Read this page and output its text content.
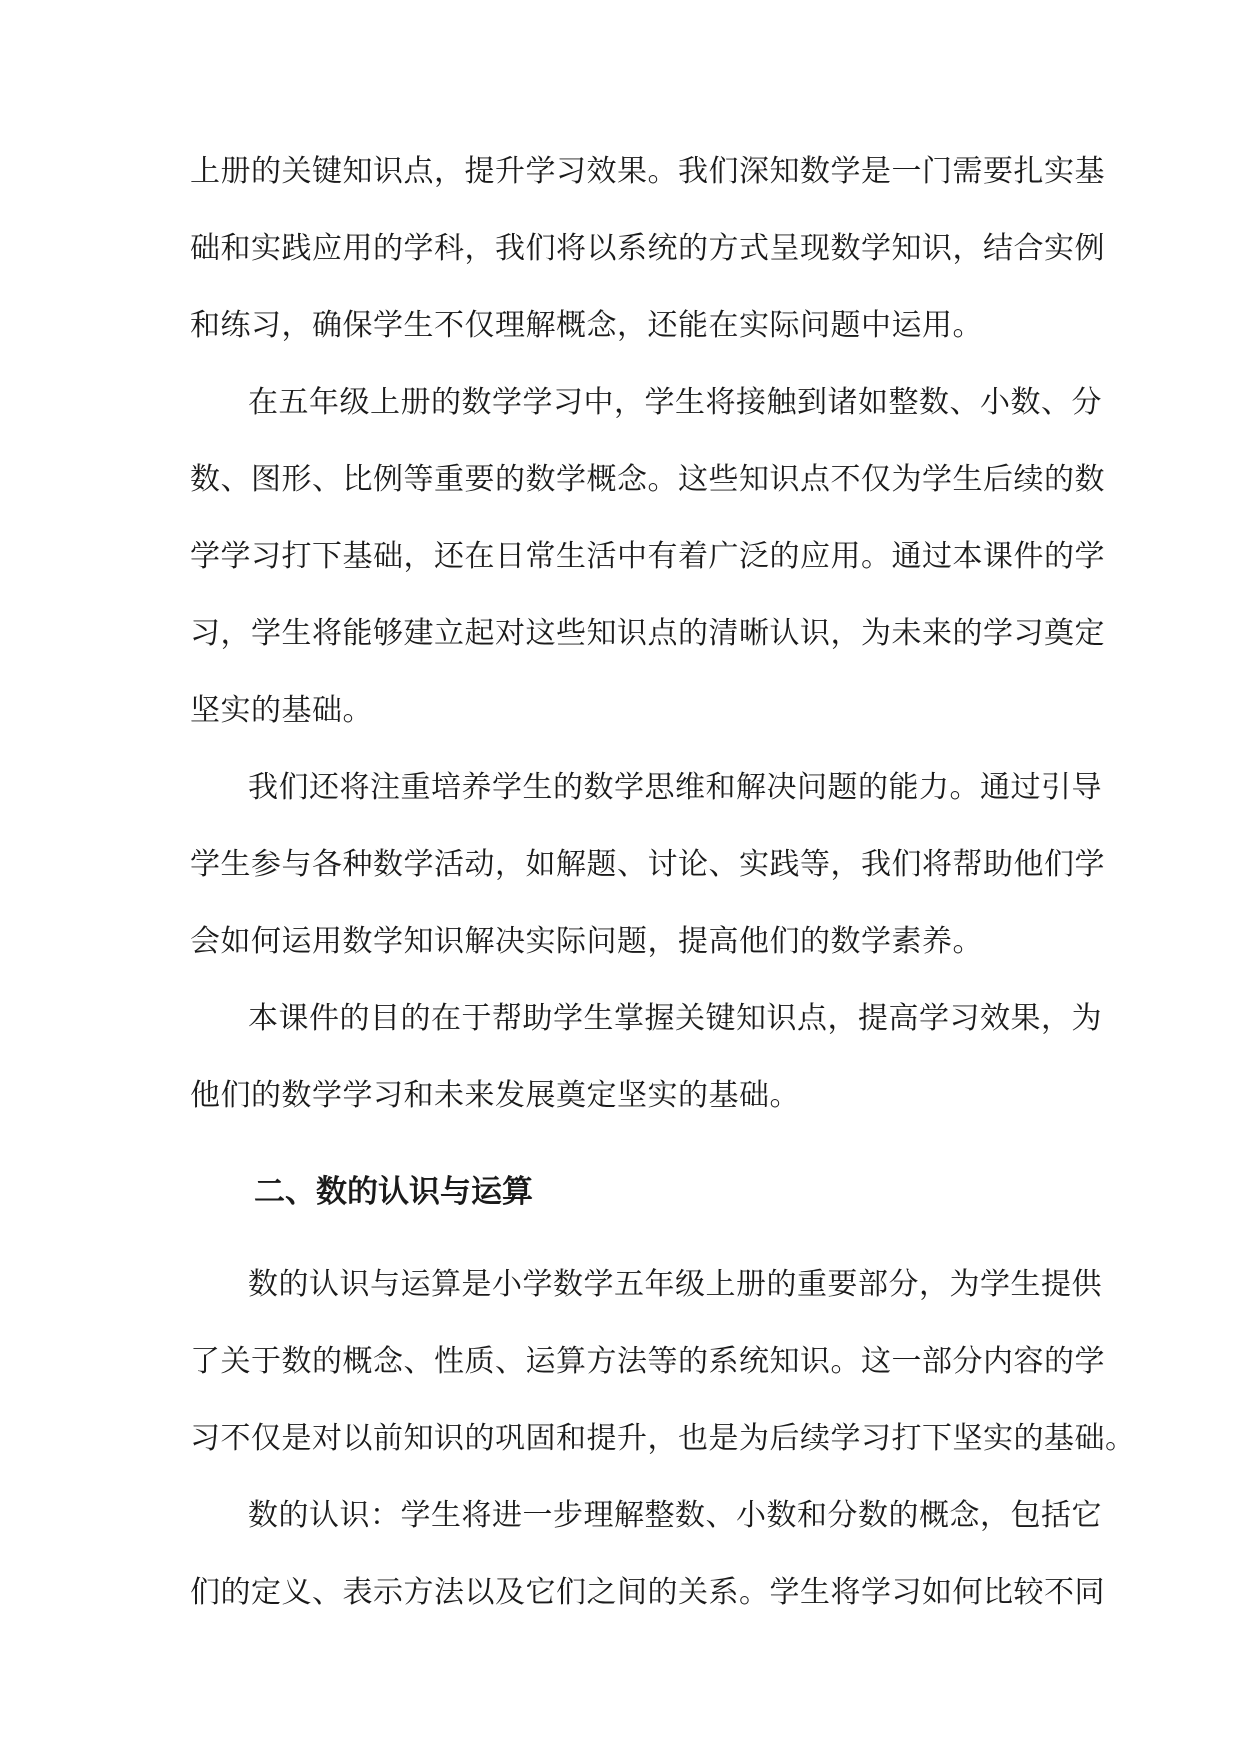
上册的关键知识点，提升学习效果。我们深知数学是一门需要扎实基
础和实践应用的学科，我们将以系统的方式呈现数学知识，结合实例
和练习，确保学生不仅理解概念，还能在实际问题中运用。
在五年级上册的数学学习中，学生将接触到诸如整数、小数、分
数、图形、比例等重要的数学概念。这些知识点不仅为学生后续的数
学学习打下基础，还在日常生活中有着广泛的应用。通过本课件的学
习，学生将能够建立起对这些知识点的清晰认识，为未来的学习奠定
坚实的基础。
我们还将注重培养学生的数学思维和解决问题的能力。通过引导
学生参与各种数学活动，如解题、讨论、实践等，我们将帮助他们学
会如何运用数学知识解决实际问题，提高他们的数学素养。
本课件的目的在于帮助学生掌握关键知识点，提高学习效果，为
他们的数学学习和未来发展奠定坚实的基础。
二、数的认识与运算
数的认识与运算是小学数学五年级上册的重要部分，为学生提供
了关于数的概念、性质、运算方法等的系统知识。这一部分内容的学
习不仅是对以前知识的巩固和提升，也是为后续学习打下坚实的基础。
数的认识：学生将进一步理解整数、小数和分数的概念，包括它
们的定义、表示方法以及它们之间的关系。学生将学习如何比较不同
